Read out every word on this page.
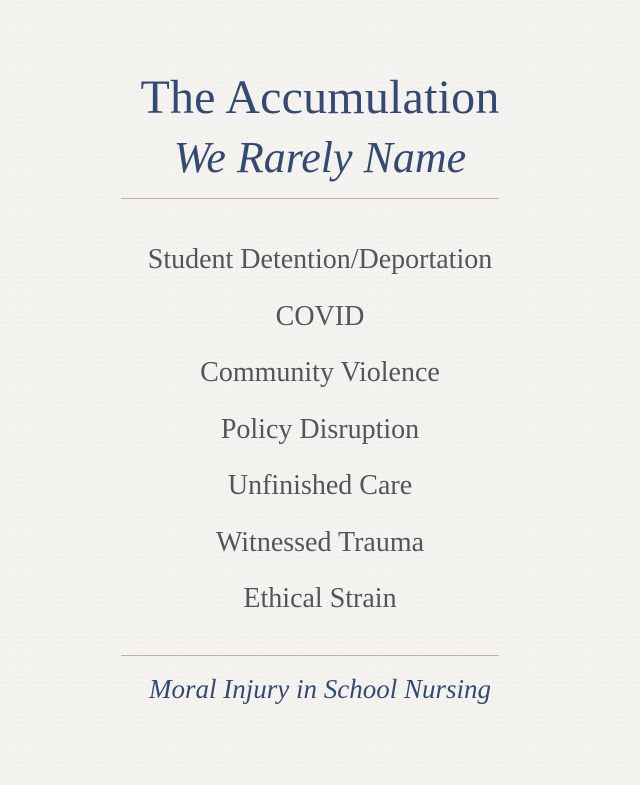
The Accumulation
We Rarely Name
Student Detention/Deportation
COVID
Community Violence
Policy Disruption
Unfinished Care
Witnessed Trauma
Ethical Strain
Moral Injury in School Nursing
